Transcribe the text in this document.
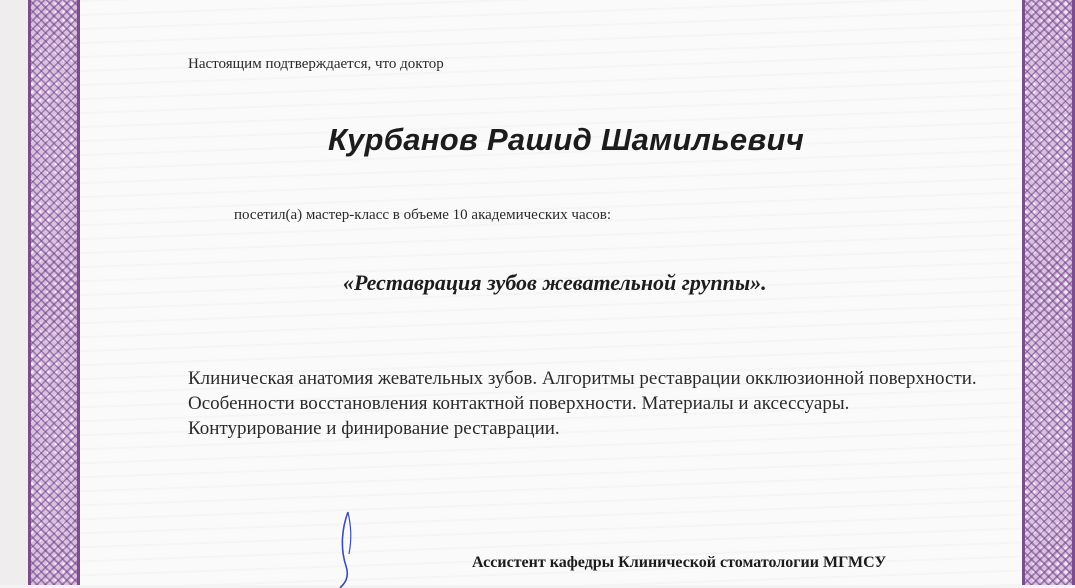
Настоящим подтверждается, что доктор
Курбанов Рашид Шамильевич
посетил(а) мастер-класс в объеме 10 академических часов:
«Реставрация зубов жевательной группы».
Клиническая анатомия жевательных зубов. Алгоритмы реставрации окклюзионной поверхности. Особенности восстановления контактной поверхности. Материалы и аксессуары. Контурирование и финирование реставрации.
Ассистент кафедры Клинической стоматологии МГМСУ
